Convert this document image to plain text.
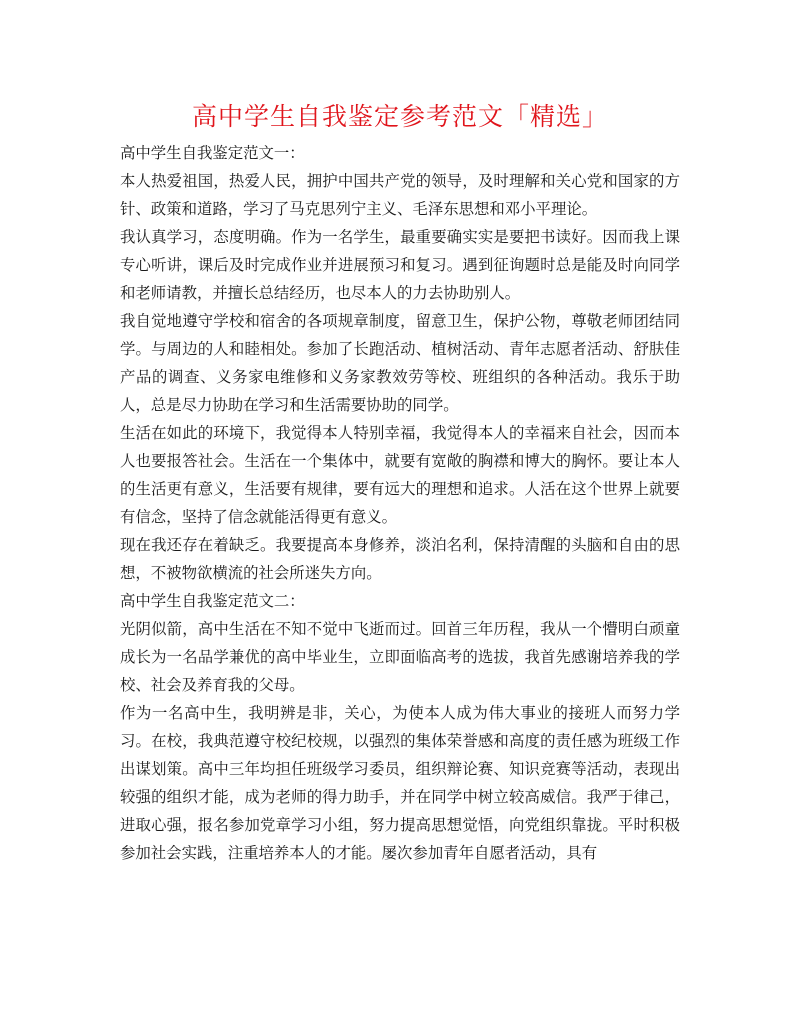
高中学生自我鉴定参考范文「精选」

高中学生自我鉴定范文一：

本人热爱祖国，热爱人民，拥护中国共产党的领导，及时理解和关心党和国家的方针、政策和道路，学习了马克思列宁主义、毛泽东思想和邓小平理论。

我认真学习，态度明确。作为一名学生，最重要确实实是要把书读好。因而我上课专心听讲，课后及时完成作业并进展预习和复习。遇到征询题时总是能及时向同学和老师请教，并擅长总结经历，也尽本人的力去协助别人。

我自觉地遵守学校和宿舍的各项规章制度，留意卫生，保护公物，尊敬老师团结同学。与周边的人和睦相处。参加了长跑活动、植树活动、青年志愿者活动、舒肤佳产品的调查、义务家电维修和义务家教效劳等校、班组织的各种活动。我乐于助人，总是尽力协助在学习和生活需要协助的同学。

生活在如此的环境下，我觉得本人特别幸福，我觉得本人的幸福来自社会，因而本人也要报答社会。生活在一个集体中，就要有宽敞的胸襟和博大的胸怀。要让本人的生活更有意义，生活要有规律，要有远大的理想和追求。人活在这个世界上就要有信念，坚持了信念就能活得更有意义。

现在我还存在着缺乏。我要提高本身修养，淡泊名利，保持清醒的头脑和自由的思想，不被物欲横流的社会所迷失方向。

高中学生自我鉴定范文二：

光阴似箭，高中生活在不知不觉中飞逝而过。回首三年历程，我从一个懵明白顽童成长为一名品学兼优的高中毕业生，立即面临高考的选拔，我首先感谢培养我的学校、社会及养育我的父母。

作为一名高中生，我明辨是非，关心，为使本人成为伟大事业的接班人而努力学习。在校，我典范遵守校纪校规，以强烈的集体荣誉感和高度的责任感为班级工作出谋划策。高中三年均担任班级学习委员，组织辩论赛、知识竞赛等活动，表现出较强的组织才能，成为老师的得力助手，并在同学中树立较高威信。我严于律己，进取心强，报名参加党章学习小组，努力提高思想觉悟，向党组织靠拢。平时积极参加社会实践，注重培养本人的才能。屡次参加青年自愿者活动，具有
